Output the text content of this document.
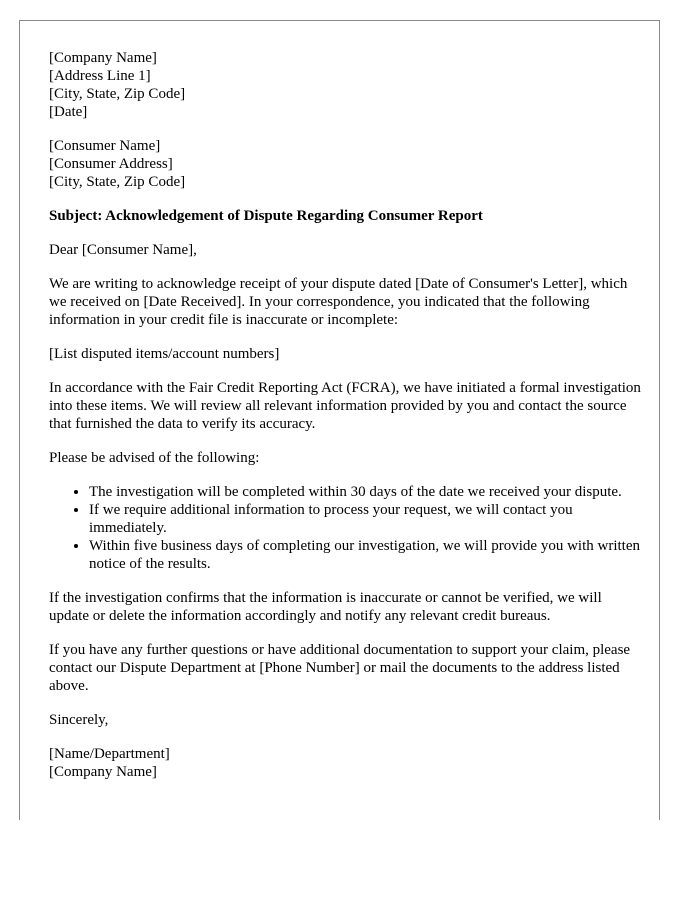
[Company Name]
[Address Line 1]
[City, State, Zip Code]
[Date]
[Consumer Name]
[Consumer Address]
[City, State, Zip Code]

Subject: Acknowledgement of Dispute Regarding Consumer Report

Dear [Consumer Name],

We are writing to acknowledge receipt of your dispute dated [Date of Consumer's Letter], which we received on [Date Received]. In your correspondence, you indicated that the following information in your credit file is inaccurate or incomplete:

[List disputed items/account numbers]

In accordance with the Fair Credit Reporting Act (FCRA), we have initiated a formal investigation into these items. We will review all relevant information provided by you and contact the source that furnished the data to verify its accuracy.

Please be advised of the following:

• The investigation will be completed within 30 days of the date we received your dispute.
• If we require additional information to process your request, we will contact you immediately.
• Within five business days of completing our investigation, we will provide you with written notice of the results.

If the investigation confirms that the information is inaccurate or cannot be verified, we will update or delete the information accordingly and notify any relevant credit bureaus.

If you have any further questions or have additional documentation to support your claim, please contact our Dispute Department at [Phone Number] or mail the documents to the address listed above.

Sincerely,

[Name/Department]
[Company Name]
